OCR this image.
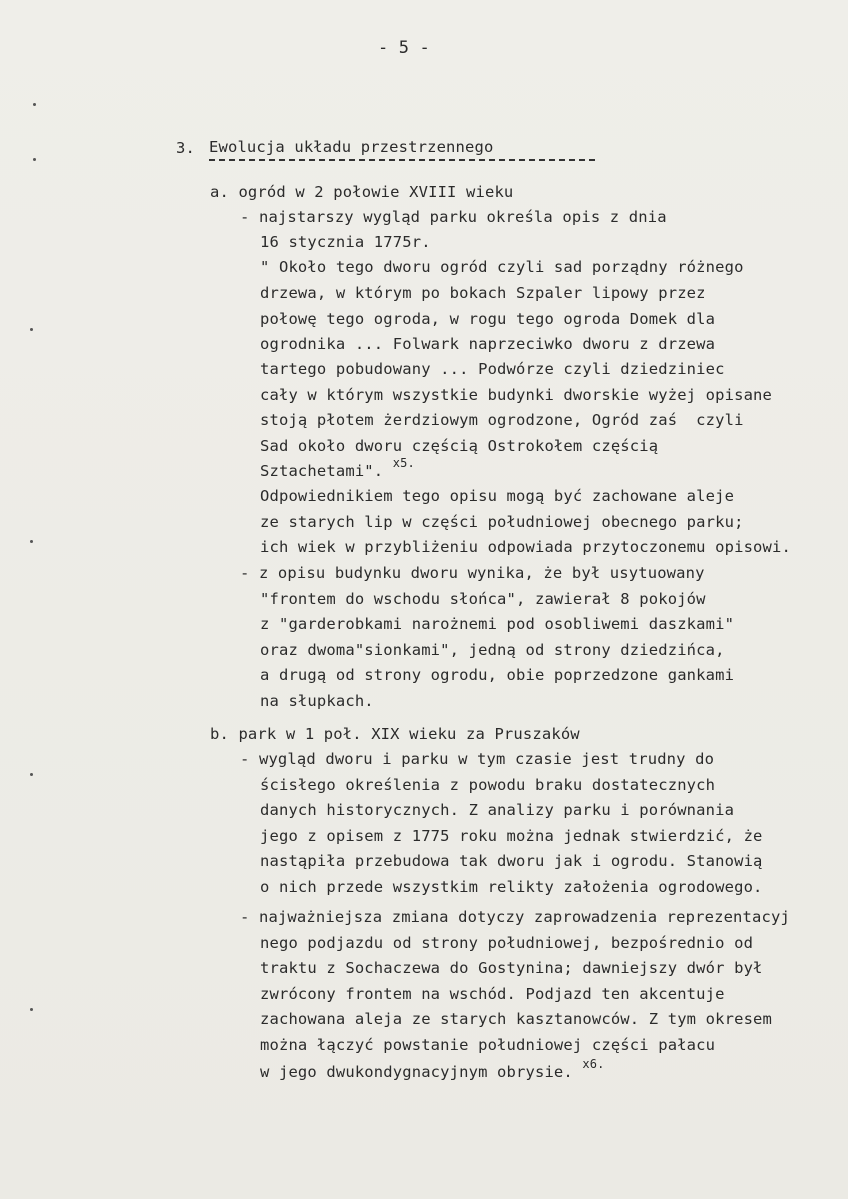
- 5 -
3. Ewolucja układu przestrzennego
a. ogród w 2 połowie XVIII wieku
- najstarszy wygląd parku określa opis z dnia
16 stycznia 1775r.
" Około tego dworu ogród czyli sad porządny różnego
drzewa, w którym po bokach Szpaler lipowy przez
połowę tego ogroda, w rogu tego ogroda Domek dla
ogrodnika ... Folwark naprzeciwko dworu z drzewa
tartego pobudowany ... Podwórze czyli dziedziniec
cały w którym wszystkie budynki dworskie wyżej opisane
stoją płotem żerdziowym ogrodzone, Ogród zaś  czyli
Sad około dworu częścią Ostrokołem częścią
Sztachetami". $^{x5.}$
Odpowiednikiem tego opisu mogą być zachowane aleje
ze starych lip w części południowej obecnego parku;
ich wiek w przybliżeniu odpowiada przytoczonemu opisowi.
- z opisu budynku dworu wynika, że był usytuowany
"frontem do wschodu słońca", zawierał 8 pokojów
z "garderobkami narożnemi pod osobliwemi daszkami"
oraz dwoma"sionkami", jedną od strony dziedzińca,
a drugą od strony ogrodu, obie poprzedzone gankami
na słupkach.
b. park w 1 poł. XIX wieku za Pruszaków
- wygląd dworu i parku w tym czasie jest trudny do
ścisłego określenia z powodu braku dostatecznych
danych historycznych. Z analizy parku i porównania
jego z opisem z 1775 roku można jednak stwierdzić, że
nastąpiła przebudowa tak dworu jak i ogrodu. Stanowią
o nich przede wszystkim relikty założenia ogrodowego.
- najważniejsza zmiana dotyczy zaprowadzenia reprezentacyj
nego podjazdu od strony południowej, bezpośrednio od
traktu z Sochaczewa do Gostynina; dawniejszy dwór był
zwrócony frontem na wschód. Podjazd ten akcentuje
zachowana aleja ze starych kasztanowców. Z tym okresem
można łączyć powstanie południowej części pałacu
w jego dwukondygnacyjnym obrysie. $^{x6.}$
